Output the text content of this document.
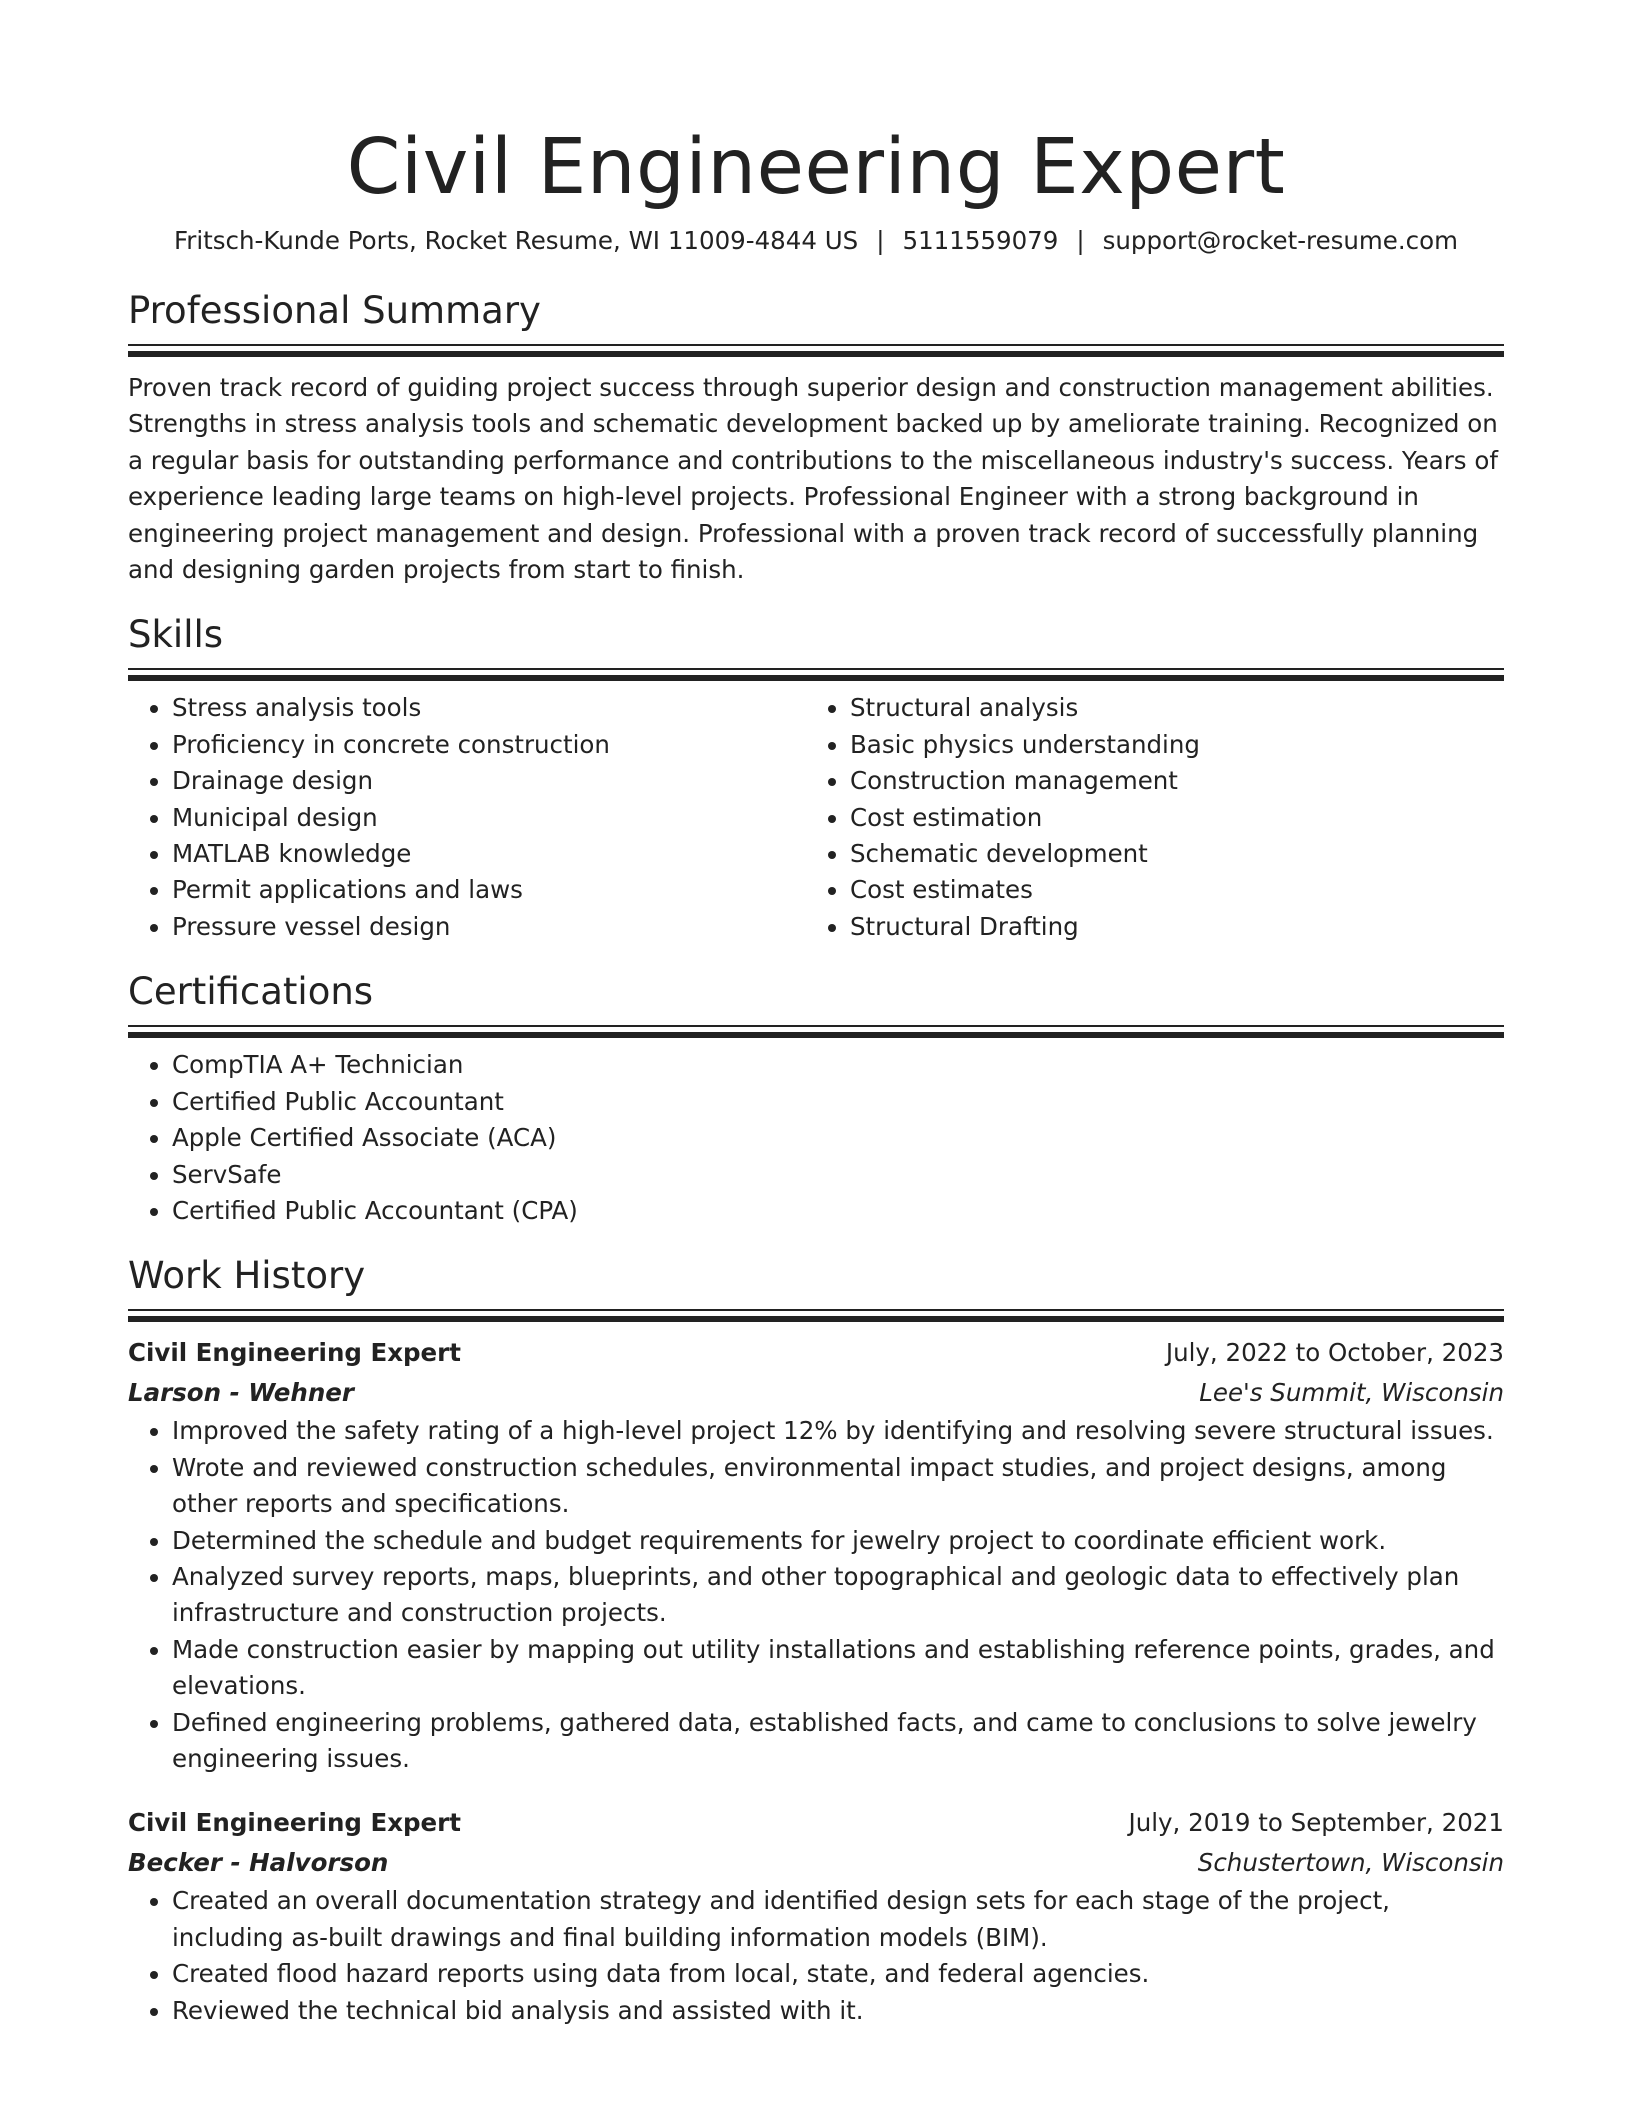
Civil Engineering Expert
Fritsch-Kunde Ports, Rocket Resume, WI 11009-4844 US | 5111559079 | support@rocket-resume.com
Professional Summary

Proven track record of guiding project success through superior design and construction management abilities. Strengths in stress analysis tools and schematic development backed up by ameliorate training. Recognized on a regular basis for outstanding performance and contributions to the miscellaneous industry's success. Years of experience leading large teams on high-level projects. Professional Engineer with a strong background in engineering project management and design. Professional with a proven track record of successfully planning and designing garden projects from start to finish.

Skills
• Stress analysis tools
• Proficiency in concrete construction
• Drainage design
• Municipal design
• MATLAB knowledge
• Permit applications and laws
• Pressure vessel design
• Structural analysis
• Basic physics understanding
• Construction management
• Cost estimation
• Schematic development
• Cost estimates
• Structural Drafting
Certifications
• CompTIA A+ Technician
• Certified Public Accountant
• Apple Certified Associate (ACA)
• ServSafe
• Certified Public Accountant (CPA)
Work History
Civil Engineering Expert	July, 2022 to October, 2023
Larson - Wehner	Lee's Summit, Wisconsin
• Improved the safety rating of a high-level project 12% by identifying and resolving severe structural issues.
• Wrote and reviewed construction schedules, environmental impact studies, and project designs, among other reports and specifications.
• Determined the schedule and budget requirements for jewelry project to coordinate efficient work.
• Analyzed survey reports, maps, blueprints, and other topographical and geologic data to effectively plan infrastructure and construction projects.
• Made construction easier by mapping out utility installations and establishing reference points, grades, and elevations.
• Defined engineering problems, gathered data, established facts, and came to conclusions to solve jewelry engineering issues.
Civil Engineering Expert	July, 2019 to September, 2021
Becker - Halvorson	Schustertown, Wisconsin
• Created an overall documentation strategy and identified design sets for each stage of the project, including as-built drawings and final building information models (BIM).
• Created flood hazard reports using data from local, state, and federal agencies.
• Reviewed the technical bid analysis and assisted with it.
